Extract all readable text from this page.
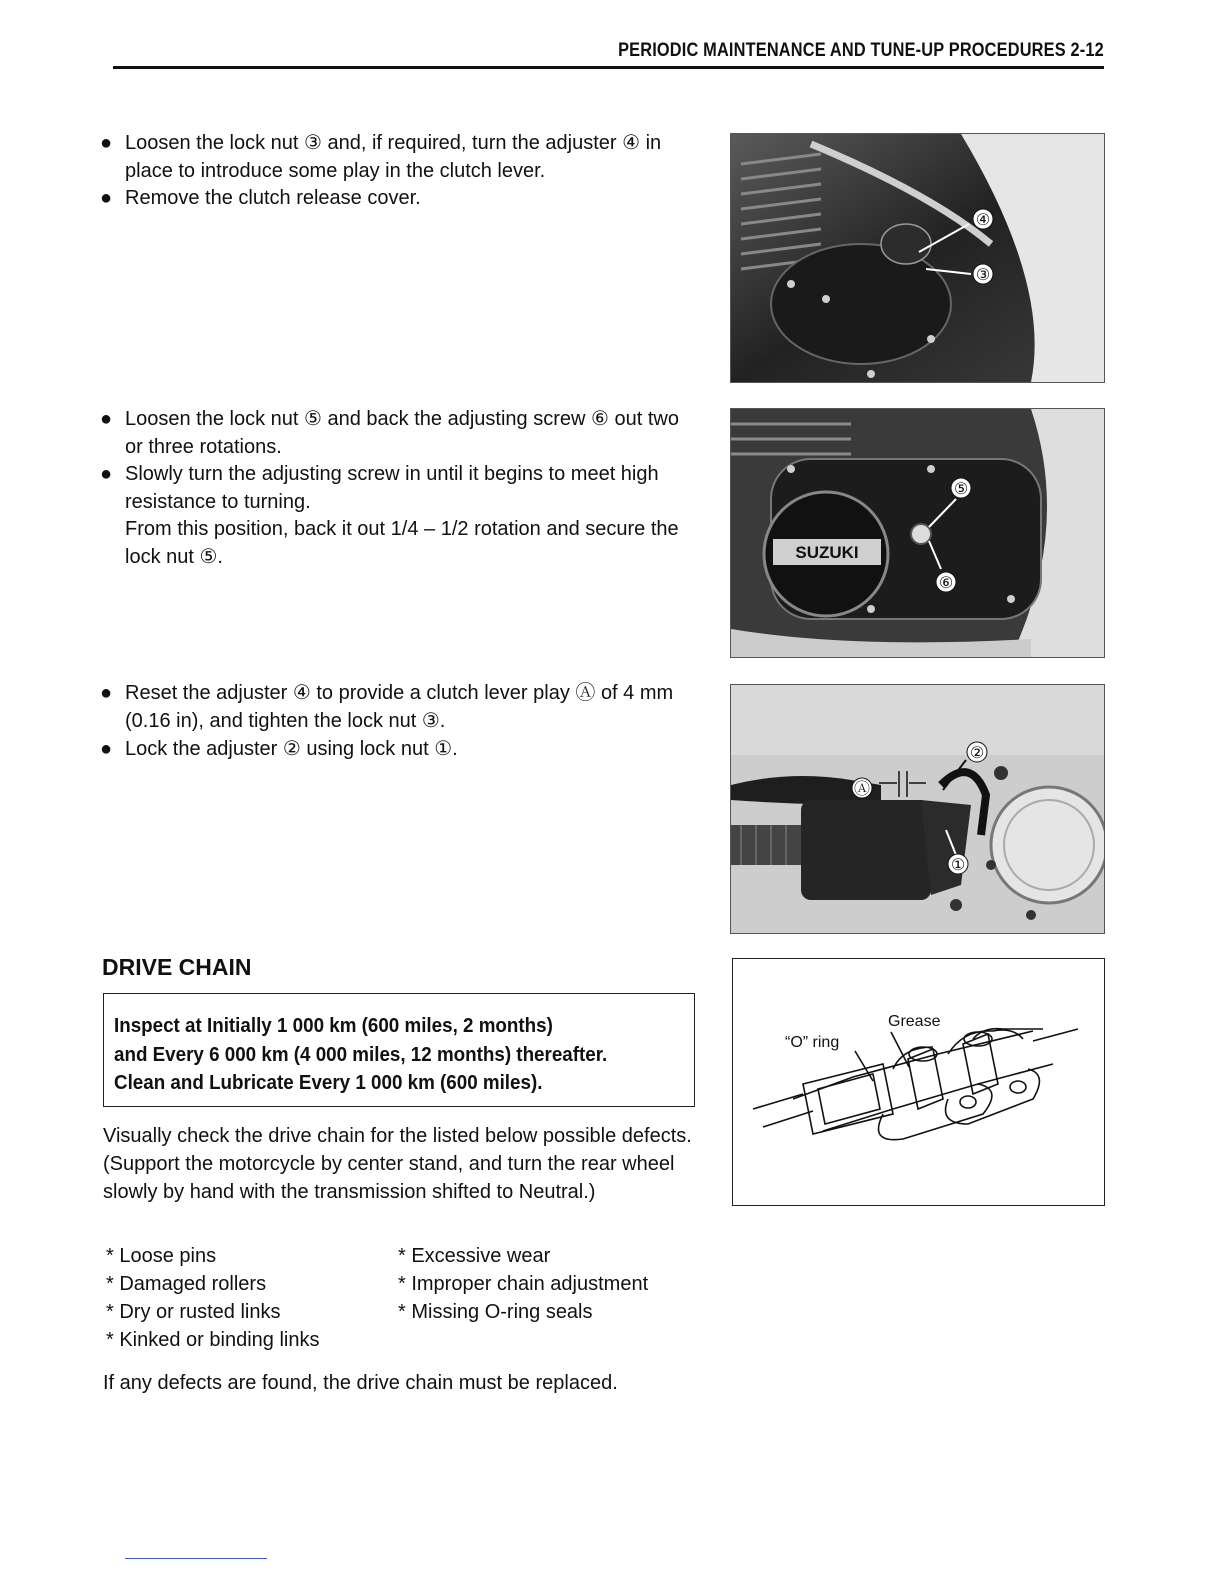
PERIODIC MAINTENANCE AND TUNE-UP PROCEDURES 2-12
● Loosen the lock nut ③ and, if required, turn the adjuster ④ in place to introduce some play in the clutch lever.
● Remove the clutch release cover.
④
③
● Loosen the lock nut ⑤ and back the adjusting screw ⑥ out two or three rotations.
● Slowly turn the adjusting screw in until it begins to meet high resistance to turning.
From this position, back it out 1/4 – 1/2 rotation and secure the lock nut ⑤.	SUZUKI
⑤
⑥
● Reset the adjuster ④ to provide a clutch lever play Ⓐ of 4 mm (0.16 in), and tighten the lock nut ③.
● Lock the adjuster ② using lock nut ①.
Ⓐ
②
①
DRIVE CHAIN
Inspect at Initially 1 000 km (600 miles, 2 months)
and Every 6 000 km (4 000 miles, 12 months) thereafter.
Clean and Lubricate Every 1 000 km (600 miles).
Visually check the drive chain for the listed below possible defects. (Support the motorcycle by center stand, and turn the rear wheel slowly by hand with the transmission shifted to Neutral.)
* Loose pins
* Damaged rollers
* Dry or rusted links
* Kinked or binding links
* Excessive wear
* Improper chain adjustment
* Missing O-ring seals
If any defects are found, the drive chain must be replaced.
Grease
“O” ring
